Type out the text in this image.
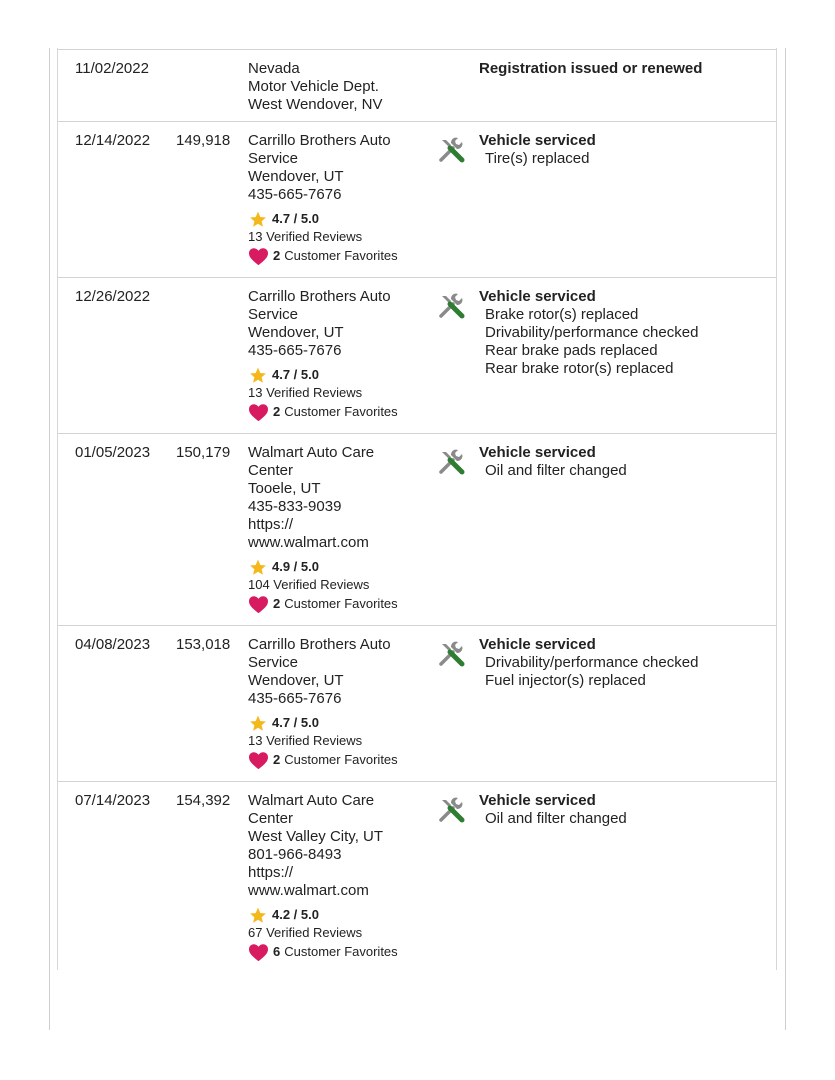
11/02/2022	Nevada
Motor Vehicle Dept.
West Wendover, NV
Registration issued or renewed
12/14/2022 149,918 Carrillo Brothers Auto
Service
Wendover, UT
435-665-7676
4.7 / 5.0
13 Verified Reviews
2 Customer Favorites
Vehicle serviced
Tire(s) replaced
12/26/2022	Carrillo Brothers Auto
Service
Wendover, UT
435-665-7676
4.7 / 5.0
13 Verified Reviews
2 Customer Favorites
Vehicle serviced
Brake rotor(s) replaced
Drivability/performance checked
Rear brake pads replaced
Rear brake rotor(s) replaced
01/05/2023 150,179 Walmart Auto Care
Center
Tooele, UT
435-833-9039
https://
www.walmart.com
4.9 / 5.0
104 Verified Reviews
2 Customer Favorites
Vehicle serviced
Oil and filter changed
04/08/2023 153,018 Carrillo Brothers Auto
Service
Wendover, UT
435-665-7676
4.7 / 5.0
13 Verified Reviews
2 Customer Favorites
Vehicle serviced
Drivability/performance checked
Fuel injector(s) replaced
07/14/2023 154,392 Walmart Auto Care
Center
West Valley City, UT
801-966-8493
https://
www.walmart.com
4.2 / 5.0
67 Verified Reviews
6 Customer Favorites
Vehicle serviced
Oil and filter changed
